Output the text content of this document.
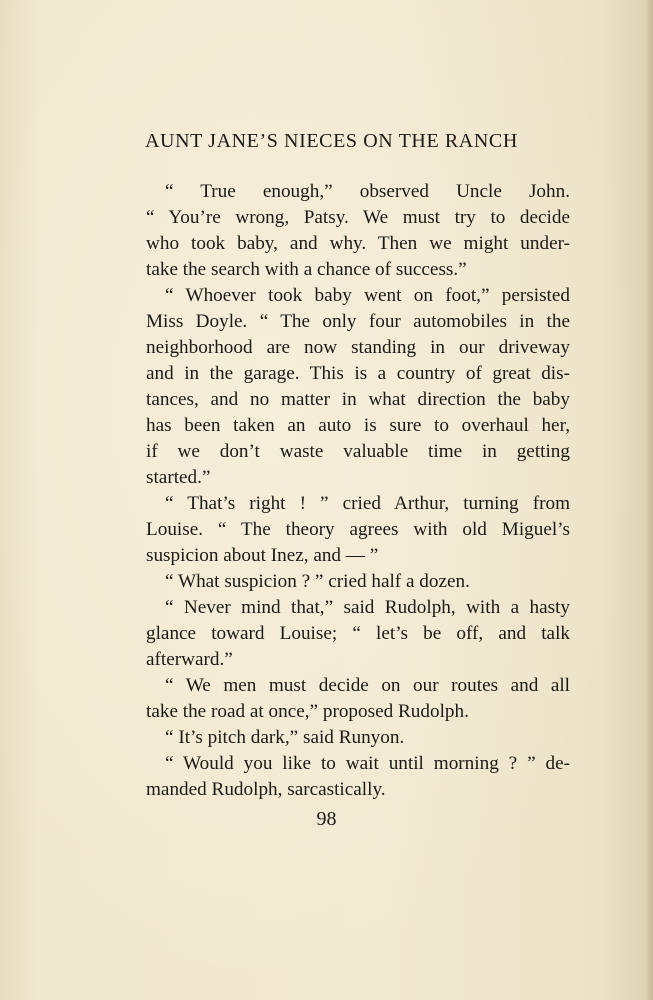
AUNT JANE’S NIECES ON THE RANCH
“ True enough,” observed Uncle John.
“ You’re wrong, Patsy. We must try to decide
who took baby, and why. Then we might under-
take the search with a chance of success.”
“ Whoever took baby went on foot,” persisted
Miss Doyle. “ The only four automobiles in the
neighborhood are now standing in our driveway
and in the garage. This is a country of great dis-
tances, and no matter in what direction the baby
has been taken an auto is sure to overhaul her,
if we don’t waste valuable time in getting
started.”
“ That’s right ! ” cried Arthur, turning from
Louise. “ The theory agrees with old Miguel’s
suspicion about Inez, and — ”
“ What suspicion ? ” cried half a dozen.
“ Never mind that,” said Rudolph, with a hasty
glance toward Louise; “ let’s be off, and talk
afterward.”
“ We men must decide on our routes and all
take the road at once,” proposed Rudolph.
“ It’s pitch dark,” said Runyon.
“ Would you like to wait until morning ? ” de-
manded Rudolph, sarcastically.
98
